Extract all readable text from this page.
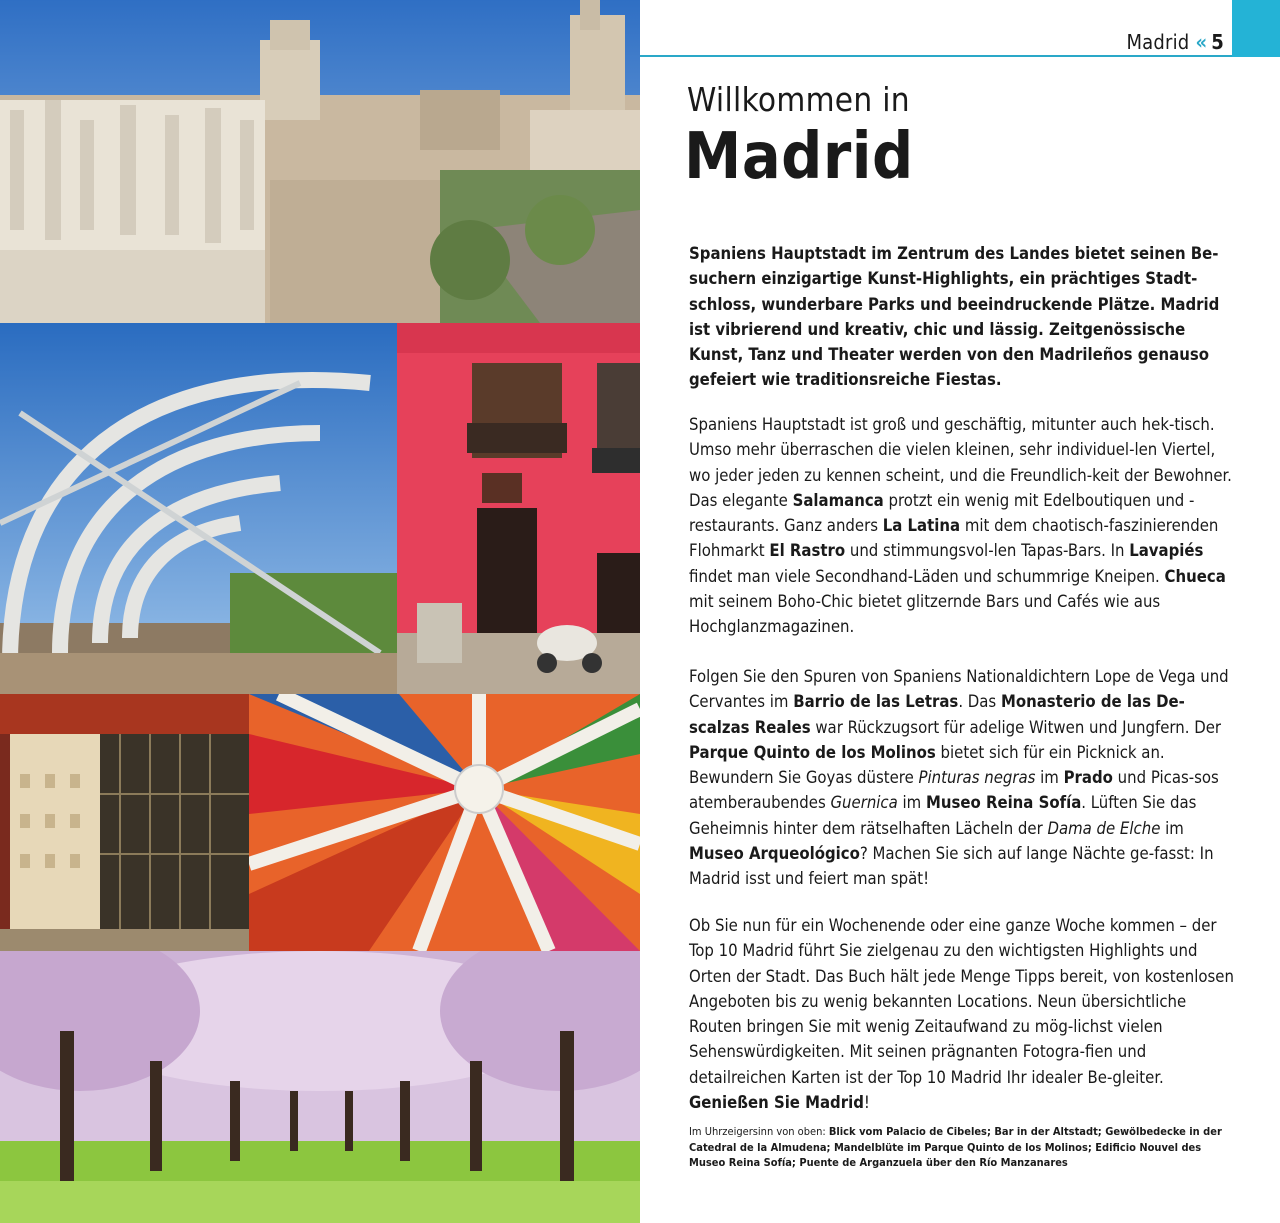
Madrid « 5
Willkommen in
Madrid

Spaniens Hauptstadt im Zentrum des Landes bietet seinen Be-suchern einzigartige Kunst-Highlights, ein prächtiges Stadt-schloss, wunderbare Parks und beeindruckende Plätze. Madrid ist vibrierend und kreativ, chic und lässig. Zeitgenössische Kunst, Tanz und Theater werden von den Madrileños genauso gefeiert wie traditionsreiche Fiestas.

Spaniens Hauptstadt ist groß und geschäftig, mitunter auch hek-tisch. Umso mehr überraschen die vielen kleinen, sehr individuel-len Viertel, wo jeder jeden zu kennen scheint, und die Freundlich-keit der Bewohner. Das elegante Salamanca protzt ein wenig mit Edelboutiquen und -restaurants. Ganz anders La Latina mit dem chaotisch-faszinierenden Flohmarkt El Rastro und stimmungsvol-len Tapas-Bars. In Lavapiés findet man viele Secondhand-Läden und schummrige Kneipen. Chueca mit seinem Boho-Chic bietet glitzernde Bars und Cafés wie aus Hochglanzmagazinen.

Folgen Sie den Spuren von Spaniens Nationaldichtern Lope de Vega und Cervantes im Barrio de las Letras. Das Monasterio de las De-scalzas Reales war Rückzugsort für adelige Witwen und Jungfern. Der Parque Quinto de los Molinos bietet sich für ein Picknick an. Bewundern Sie Goyas düstere Pinturas negras im Prado und Picas-sos atemberaubendes Guernica im Museo Reina Sofía. Lüften Sie das Geheimnis hinter dem rätselhaften Lächeln der Dama de Elche im Museo Arqueológico? Machen Sie sich auf lange Nächte ge-fasst: In Madrid isst und feiert man spät!

Ob Sie nun für ein Wochenende oder eine ganze Woche kommen – der Top 10 Madrid führt Sie zielgenau zu den wichtigsten Highlights und Orten der Stadt. Das Buch hält jede Menge Tipps bereit, von kostenlosen Angeboten bis zu wenig bekannten Locations. Neun übersichtliche Routen bringen Sie mit wenig Zeitaufwand zu mög-lichst vielen Sehenswürdigkeiten. Mit seinen prägnanten Fotogra-fien und detailreichen Karten ist der Top 10 Madrid Ihr idealer Be-gleiter. Genießen Sie Madrid!

Im Uhrzeigersinn von oben: Blick vom Palacio de Cibeles; Bar in der Altstadt; Gewölbedecke in der Catedral de la Almudena; Mandelblüte im Parque Quinto de los Molinos; Edificio Nouvel des Museo Reina Sofía; Puente de Arganzuela über den Río Manzanares
